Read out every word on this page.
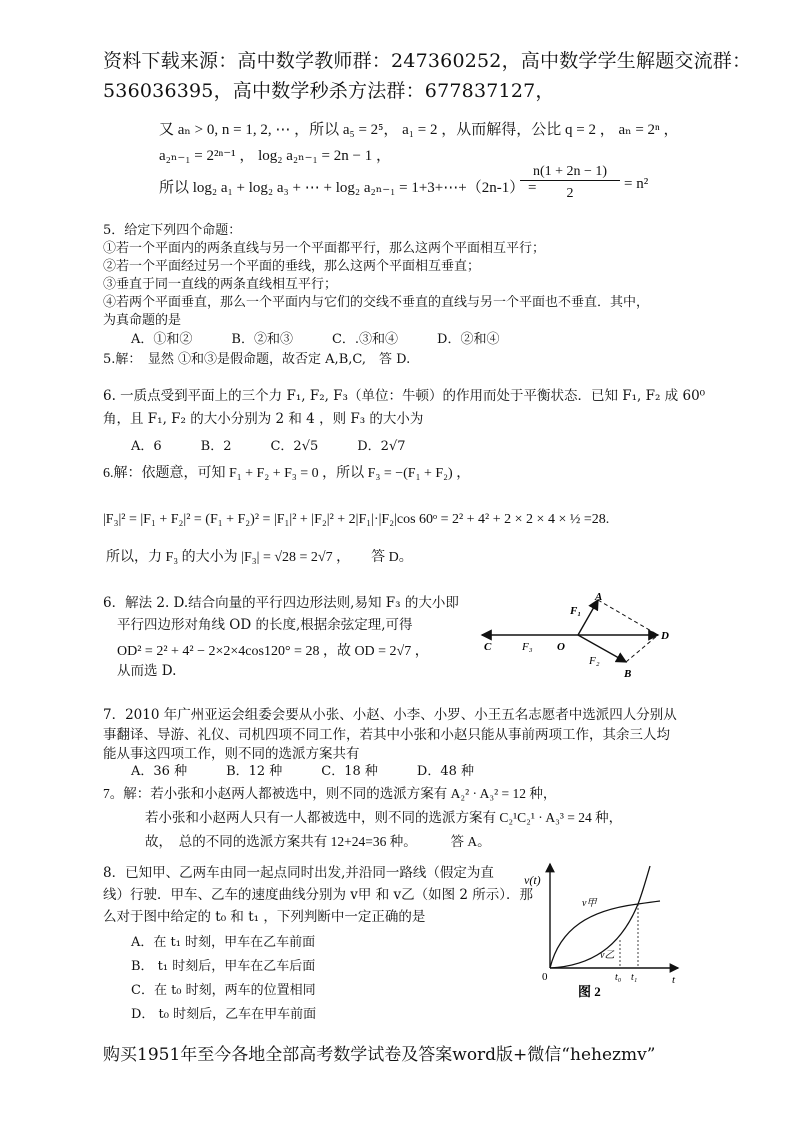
资料下载来源：高中数学教师群：247360252，高中数学学生解题交流群：
536036395，高中数学秒杀方法群：677837127，
又 aₙ > 0, n = 1, 2, ⋯ ，所以 a₅ = 2⁵， a₁ = 2 ，从而解得，公比 q = 2 ， aₙ = 2ⁿ ，
a₂ₙ₋₁ = 2²ⁿ⁻¹ ， log₂ a₂ₙ₋₁ = 2n − 1 ，
所以 log₂ a₁ + log₂ a₃ + ⋯ + log₂ a₂ₙ₋₁ = 1+3+⋯+（2n-1） =
n(1 + 2n − 1)
2
= n²
5．给定下列四个命题：
①若一个平面内的两条直线与另一个平面都平行，那么这两个平面相互平行；
②若一个平面经过另一个平面的垂线，那么这两个平面相互垂直；
③垂直于同一直线的两条直线相互平行；
④若两个平面垂直，那么一个平面内与它们的交线不垂直的直线与另一个平面也不垂直．其中，
为真命题的是
A．①和②　　　B．②和③　　　C．.③和④　　　D．②和④
5.解：　显然 ①和③是假命题，故否定 A,B,C,　答 D.
6. 一质点受到平面上的三个力 F₁, F₂, F₃（单位：牛顿）的作用而处于平衡状态．已知 F₁, F₂ 成 60⁰
角，且 F₁, F₂ 的大小分别为 2 和 4 ，则 F₃ 的大小为
A．6　　　B．2　　　C．2√5　　　D．2√7
6.解：依题意，可知 F₁ + F₂ + F₃ = 0 ，所以 F₃ = −(F₁ + F₂) ，
|F₃|² = |F₁ + F₂|² = (F₁ + F₂)² = |F₁|² + |F₂|² + 2|F₁|·|F₂|cos 60ᵒ = 2² + 4² + 2 × 2 × 4 × ½ =28.
所以，力 F₃ 的大小为 |F₃| = √28 = 2√7 ，　　答 D。
6．解法 2. D.结合向量的平行四边形法则,易知 F₃ 的大小即
平行四边形对角线 OD 的长度,根据余弦定理,可得
OD² = 2² + 4² − 2×2×4cos120° = 28 ，故 OD = 2√7 ，
从而选 D.
F₁
A
D
C	F₃ O
F₂
B
7．2010 年广州亚运会组委会要从小张、小赵、小李、小罗、小王五名志愿者中选派四人分别从
事翻译、导游、礼仪、司机四项不同工作，若其中小张和小赵只能从事前两项工作，其余三人均
能从事这四项工作，则不同的选派方案共有
A．36 种　　　B．12 种　　　C．18 种　　　D．48 种
7。解：若小张和小赵两人都被选中，则不同的选派方案有 A₂² · A₃² = 12 种，
若小张和小赵两人只有一人都被选中，则不同的选派方案有 C₂¹C₂¹ · A₃³ = 24 种，
故，　总的不同的选派方案共有 12+24=36 种。　　　答 A。
8．已知甲、乙两车由同一起点同时出发,并沿同一路线（假定为直
线）行驶．甲车、乙车的速度曲线分别为 v甲 和 v乙（如图 2 所示）．那
么对于图中给定的 t₀ 和 t₁ ，下列判断中一定正确的是
A．在 t₁ 时刻，甲车在乙车前面
B． t₁ 时刻后，甲车在乙车后面
C．在 t₀ 时刻，两车的位置相同
D． t₀ 时刻后，乙车在甲车前面
v(t)
t
0
v甲
v乙
t₀ t₁
图 2
购买1951年至今各地全部高考数学试卷及答案word版+微信“hehezmv”
